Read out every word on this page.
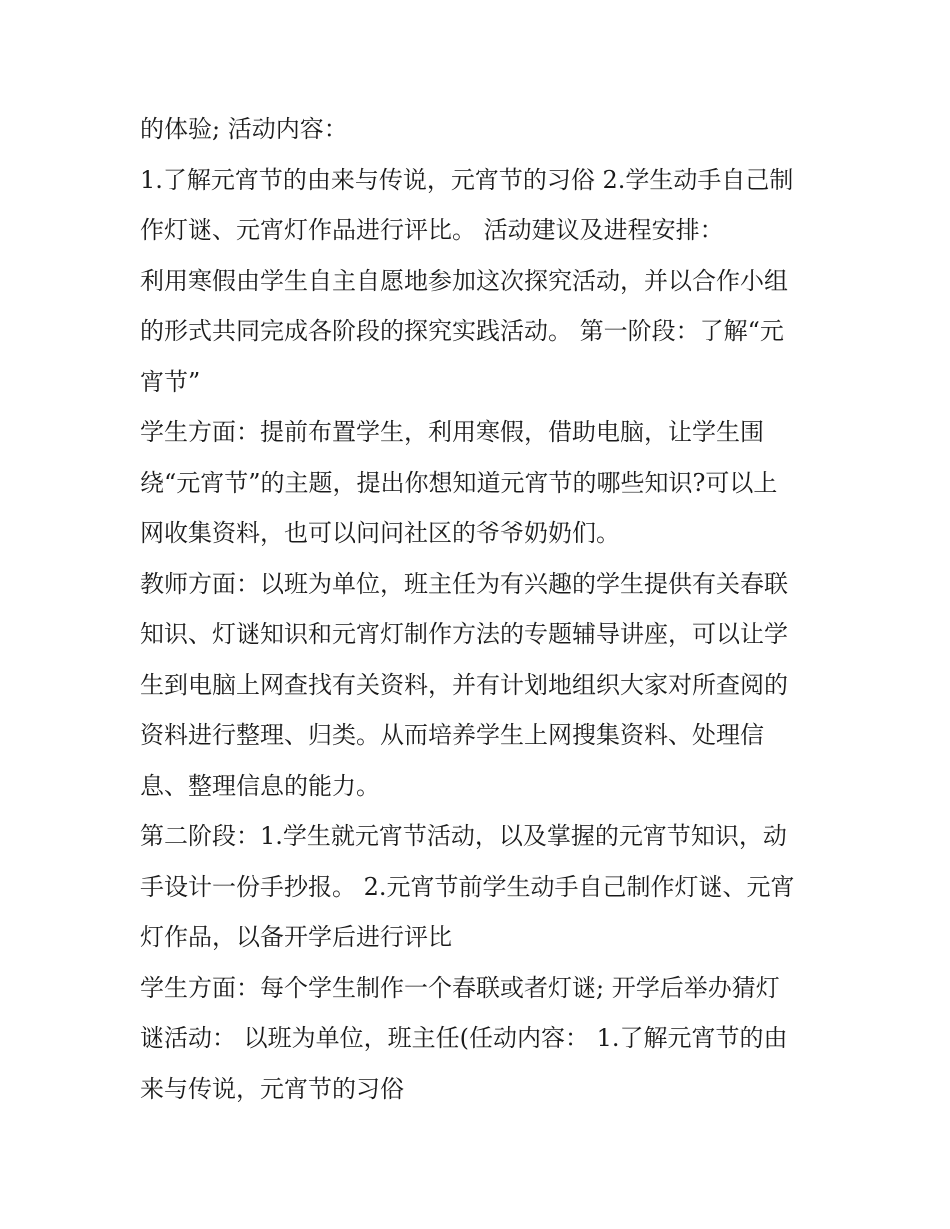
的体验; 活动内容：
1.了解元宵节的由来与传说，元宵节的习俗 2.学生动手自己制
作灯谜、元宵灯作品进行评比。 活动建议及进程安排：
利用寒假由学生自主自愿地参加这次探究活动，并以合作小组
的形式共同完成各阶段的探究实践活动。 第一阶段：了解“元
宵节”
学生方面：提前布置学生，利用寒假，借助电脑，让学生围
绕“元宵节”的主题，提出你想知道元宵节的哪些知识?可以上
网收集资料，也可以问问社区的爷爷奶奶们。
教师方面：以班为单位，班主任为有兴趣的学生提供有关春联
知识、灯谜知识和元宵灯制作方法的专题辅导讲座，可以让学
生到电脑上网查找有关资料，并有计划地组织大家对所查阅的
资料进行整理、归类。从而培养学生上网搜集资料、处理信
息、整理信息的能力。
第二阶段：1.学生就元宵节活动，以及掌握的元宵节知识，动
手设计一份手抄报。 2.元宵节前学生动手自己制作灯谜、元宵
灯作品，以备开学后进行评比
学生方面：每个学生制作一个春联或者灯谜; 开学后举办猜灯
谜活动： 以班为单位，班主任(任动内容： 1.了解元宵节的由
来与传说，元宵节的习俗
